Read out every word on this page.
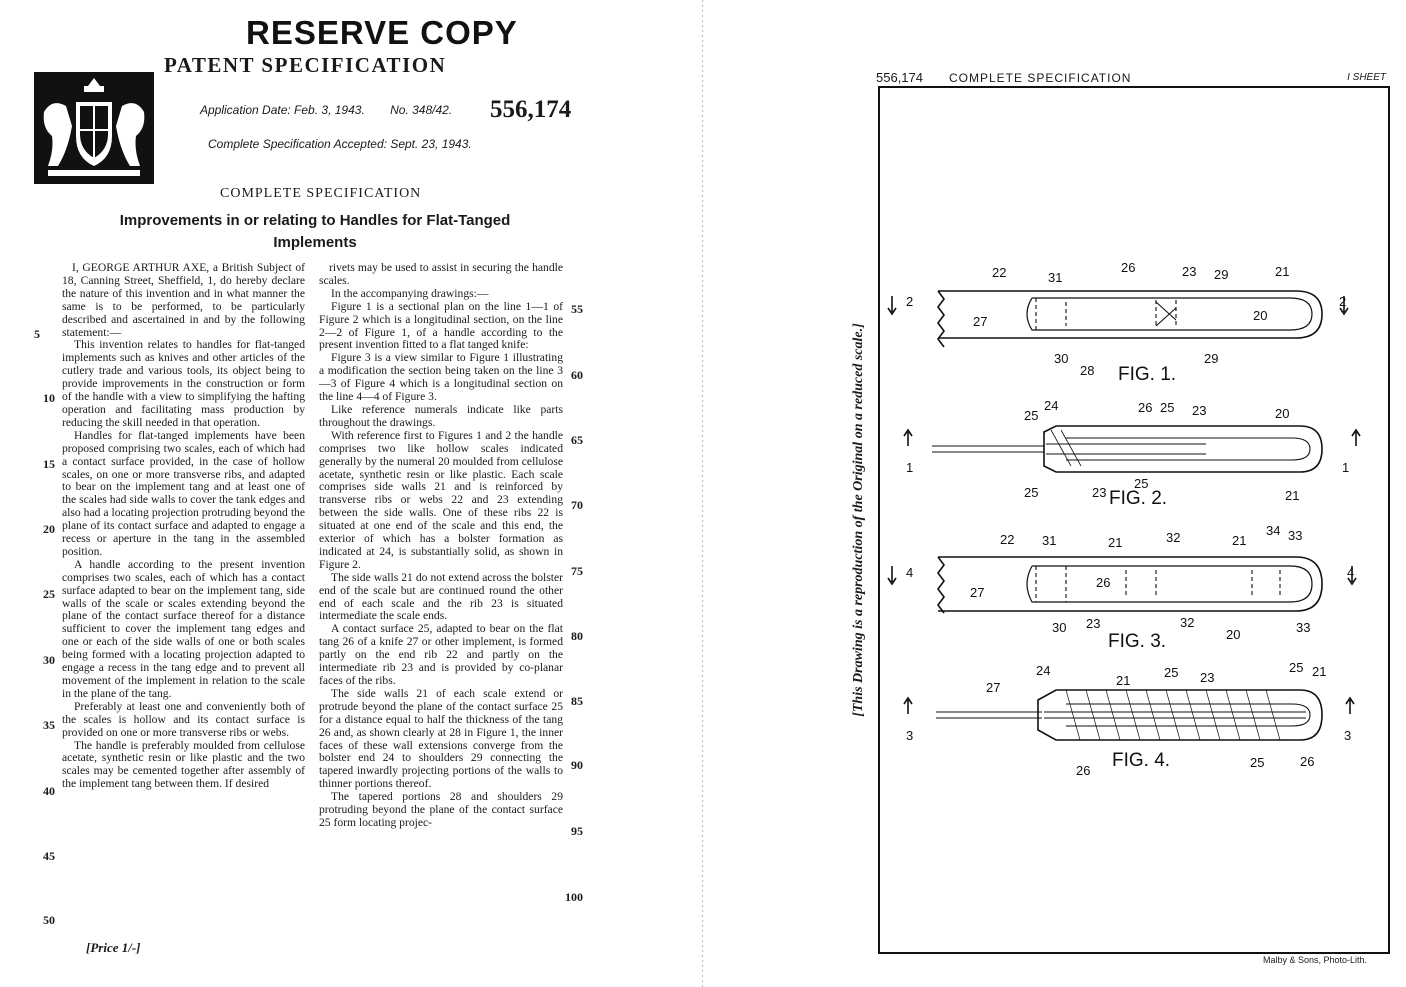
RESERVE COPY
PATENT SPECIFICATION
Application Date: Feb. 3, 1943. No. 348/42.	556,174
Complete Specification Accepted: Sept. 23, 1943.
COMPLETE SPECIFICATION
Improvements in or relating to Handles for Flat-Tanged
Implements

I, GEORGE ARTHUR AXE, a British Subject of 18, Canning Street, Sheffield, 1, do hereby declare the nature of this invention and in what manner the same is to be performed, to be particularly described and ascertained in and by the following statement:—

This invention relates to handles for flat-tanged implements such as knives and other articles of the cutlery trade and various tools, its object being to provide improvements in the construction or form of the handle with a view to simplifying the hafting operation and facilitating mass production by reducing the skill needed in that operation.

Handles for flat-tanged implements have been proposed comprising two scales, each of which had a contact surface provided, in the case of hollow scales, on one or more transverse ribs, and adapted to bear on the implement tang and at least one of the scales had side walls to cover the tank edges and also had a locating projection protruding beyond the plane of its contact surface and adapted to engage a recess or aperture in the tang in the assembled position.

A handle according to the present invention comprises two scales, each of which has a contact surface adapted to bear on the implement tang, side walls of the scale or scales extending beyond the plane of the contact surface thereof for a distance sufficient to cover the implement tang edges and one or each of the side walls of one or both scales being formed with a locating projection adapted to engage a recess in the tang edge and to prevent all movement of the implement in relation to the scale in the plane of the tang.

Preferably at least one and conveniently both of the scales is hollow and its contact surface is provided on one or more transverse ribs or webs.

The handle is preferably moulded from cellulose acetate, synthetic resin or like plastic and the two scales may be cemented together after assembly of the implement tang between them. If desired

rivets may be used to assist in securing the handle scales.

In the accompanying drawings:—

Figure 1 is a sectional plan on the line 1—1 of Figure 2 which is a longitudinal section, on the line 2—2 of Figure 1, of a handle according to the present invention fitted to a flat tanged knife:

Figure 3 is a view similar to Figure 1 illustrating a modification the section being taken on the line 3—3 of Figure 4 which is a longitudinal section on the line 4—4 of Figure 3.

Like reference numerals indicate like parts throughout the drawings.

With reference first to Figures 1 and 2 the handle comprises two like hollow scales indicated generally by the numeral 20 moulded from cellulose acetate, synthetic resin or like plastic. Each scale comprises side walls 21 and is reinforced by transverse ribs or webs 22 and 23 extending between the side walls. One of these ribs 22 is situated at one end of the scale and this end, the exterior of which has a bolster formation as indicated at 24, is substantially solid, as shown in Figure 2.

The side walls 21 do not extend across the bolster end of the scale but are continued round the other end of each scale and the rib 23 is situated intermediate the scale ends.

A contact surface 25, adapted to bear on the flat tang 26 of a knife 27 or other implement, is formed partly on the end rib 22 and partly on the intermediate rib 23 and is provided by co-planar faces of the ribs.

The side walls 21 of each scale extend or protrude beyond the plane of the contact surface 25 for a distance equal to half the thickness of the tang 26 and, as shown clearly at 28 in Figure 1, the inner faces of these wall extensions converge from the bolster end 24 to shoulders 29 connecting the tapered inwardly projecting portions of the walls to thinner portions thereof.

The tapered portions 28 and shoulders 29 protruding beyond the plane of the contact surface 25 form locating projec-

5
10
15
20
25
30
35
40
45
50
55
60
65
70
75
80
85
90
95
100
[Price 1/-]
556,174 COMPLETE SPECIFICATION	I SHEET
[This Drawing is a reproduction of the Original on a reduced scale.]
22	31
26	23 29	21
27	20
30
28
29
2	2
FIG. 1.
25
24	26 25 23	20
25	23
25
21
1	1
FIG. 2.
22 31	21	32	21
34 33
26
27
30 23	32
20	33
4	4
FIG. 3.
27
24
21
25 23
25 21
26
25	26
3	3
FIG. 4.
Malby & Sons, Photo-Lith.
